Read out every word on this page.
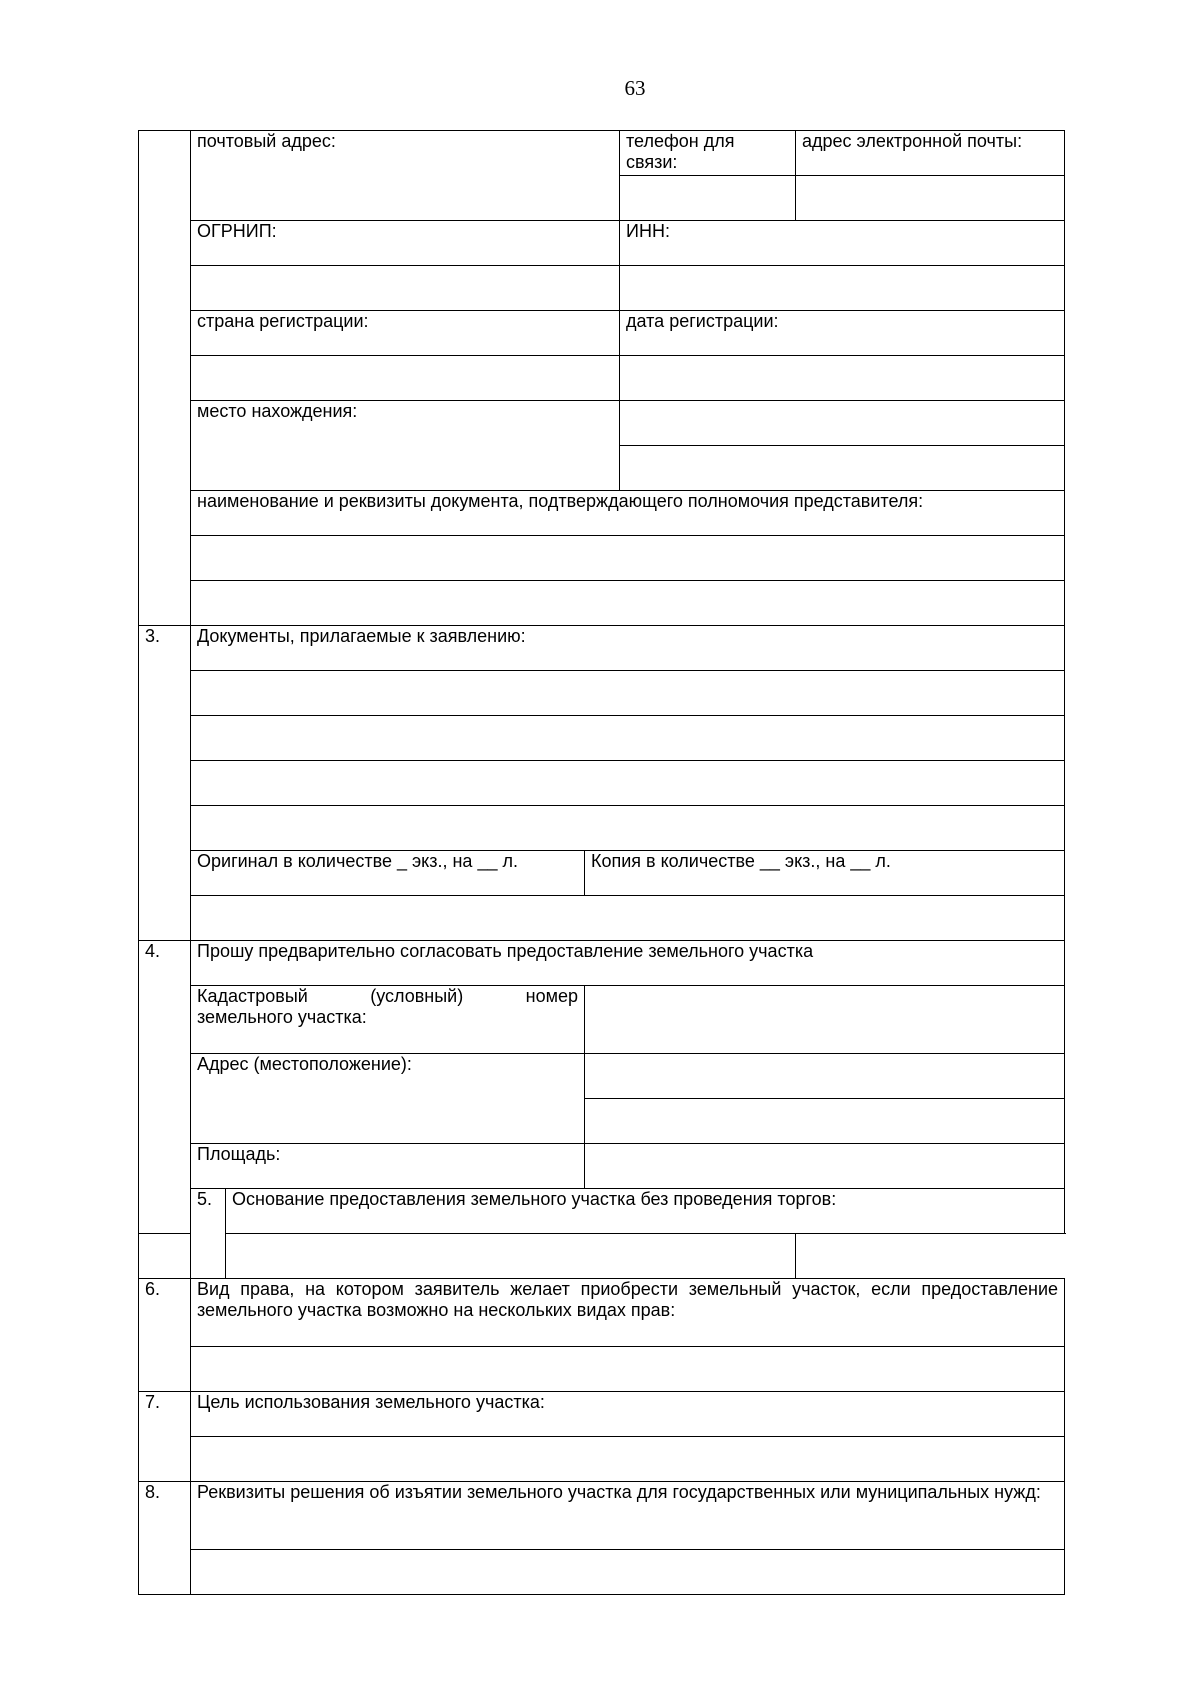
63
	почтовый адрес:			телефон для связи:	адрес электронной почты:

	ОГРНИП:			ИНН:	

	страна регистрации:			дата регистрации:	

	место нахождения:				

	наименование и реквизиты документа, подтверждающего полномочия представителя:				

3.	Документы, прилагаемые к заявлению:				

	Оригинал в количестве _ экз., на __ л.		Копия в количестве __ экз., на __ л.		

4.	Прошу предварительно согласовать предоставление земельного участка				

	Кадастровый (условный) номер
земельного участка:				

	Адрес (местоположение):				

	Площадь:				
	5.	Основание предоставления земельного участка без проведения торгов:			

6.	Вид права, на котором заявитель желает приобрести земельный участок, если предоставление земельного участка возможно на нескольких видах прав:				

7.	Цель использования земельного участка:				

8.	Реквизиты решения об изъятии земельного участка для государственных или муниципальных нужд:				
